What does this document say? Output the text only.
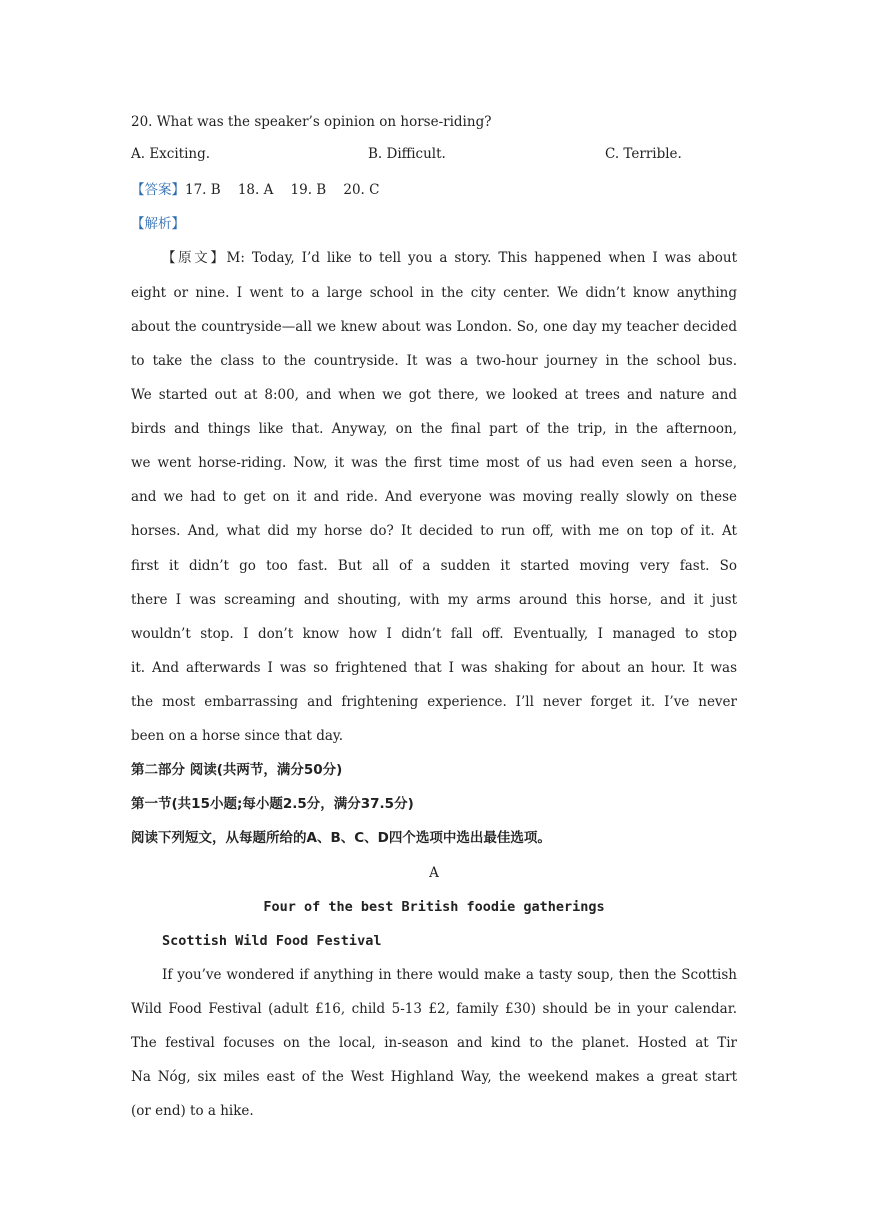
20. What was the speaker’s opinion on horse-riding?
A. Exciting.	B. Difficult.	C. Terrible.
【答案】17. B    18. A    19. B    20. C
【解析】
【原文】M: Today, I’d like to tell you a story. This happened when I was about
eight or nine. I went to a large school in the city center. We didn’t know anything
about the countryside—all we knew about was London. So, one day my teacher decided
to take the class to the countryside. It was a two-hour journey in the school bus.
We started out at 8:00, and when we got there, we looked at trees and nature and
birds and things like that. Anyway, on the final part of the trip, in the afternoon,
we went horse-riding. Now, it was the first time most of us had even seen a horse,
and we had to get on it and ride. And everyone was moving really slowly on these
horses. And, what did my horse do? It decided to run off, with me on top of it. At
first it didn’t go too fast. But all of a sudden it started moving very fast. So
there I was screaming and shouting, with my arms around this horse, and it just
wouldn’t stop. I don’t know how I didn’t fall off. Eventually, I managed to stop
it. And afterwards I was so frightened that I was shaking for about an hour. It was
the most embarrassing and frightening experience. I’ll never forget it. I’ve never
been on a horse since that day.
第二部分 阅读(共两节，满分50分)
第一节(共15小题;每小题2.5分，满分37.5分)
阅读下列短文，从每题所给的A、B、C、D四个选项中选出最佳选项。
A
Four of the best British foodie gatherings
Scottish Wild Food Festival
If you’ve wondered if anything in there would make a tasty soup, then the Scottish
Wild Food Festival (adult £16, child 5-13 £2, family £30) should be in your calendar.
The festival focuses on the local, in-season and kind to the planet. Hosted at Tir
Na Nóg, six miles east of the West Highland Way, the weekend makes a great start
(or end) to a hike.
